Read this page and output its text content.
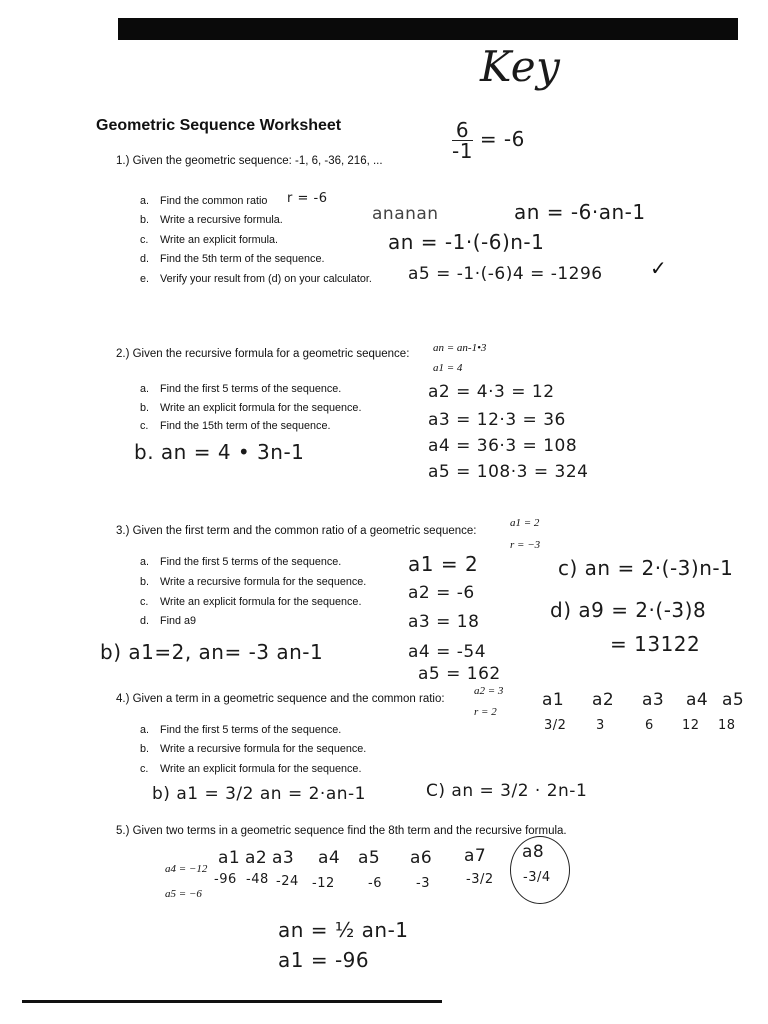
Key
$\frac{6}{-1} = -6$
Geometric Sequence Worksheet
1.) Given the geometric sequence: -1, 6, -36, 216, ...
a. Find the common ratio
b. Write a recursive formula.
c. Write an explicit formula.
d. Find the 5th term of the sequence.
e. Verify your result from (d) on your calculator.
r = -6
ananan	an = -6·an-1
an = -1·(-6)n-1
a5 = -1·(-6)4 = -1296 ✓
2.) Given the recursive formula for a geometric sequence: an = an-1•3
a1 = 4
a. Find the first 5 terms of the sequence.
b. Write an explicit formula for the sequence.
c. Find the 15th term of the sequence.
b. an = 4 • 3n-1
a2 = 4·3 = 12
a3 = 12·3 = 36
a4 = 36·3 = 108
a5 = 108·3 = 324
3.) Given the first term and the common ratio of a geometric sequence:
a1 = 2
r = −3
a. Find the first 5 terms of the sequence.
b. Write a recursive formula for the sequence.
c. Write an explicit formula for the sequence.
d. Find a9
a1 = 2
a2 = -6
a3 = 18
a4 = -54
a5 = 162
c) an = 2·(-3)n-1
d) a9 = 2·(-3)8
= 13122
b) a1=2, an= -3 an-1
4.) Given a term in a geometric sequence and the common ratio:
a2 = 3
r = 2
a. Find the first 5 terms of the sequence.
b. Write a recursive formula for the sequence.
c. Write an explicit formula for the sequence.
a1 a2 a3 a4 a5
3/2 3	6 12 18
b) a1 = 3/2 an = 2·an-1	C) an = 3/2 · 2n-1
5.) Given two terms in a geometric sequence find the 8th term and the recursive formula.
a4 = −12
a5 = −6
a1 a2 a3 a4 a5 a6 a7 a8
-96 -48 -24 -12	-6	-3	-3/2 -3/4
an = ½ an-1
a1 = -96
